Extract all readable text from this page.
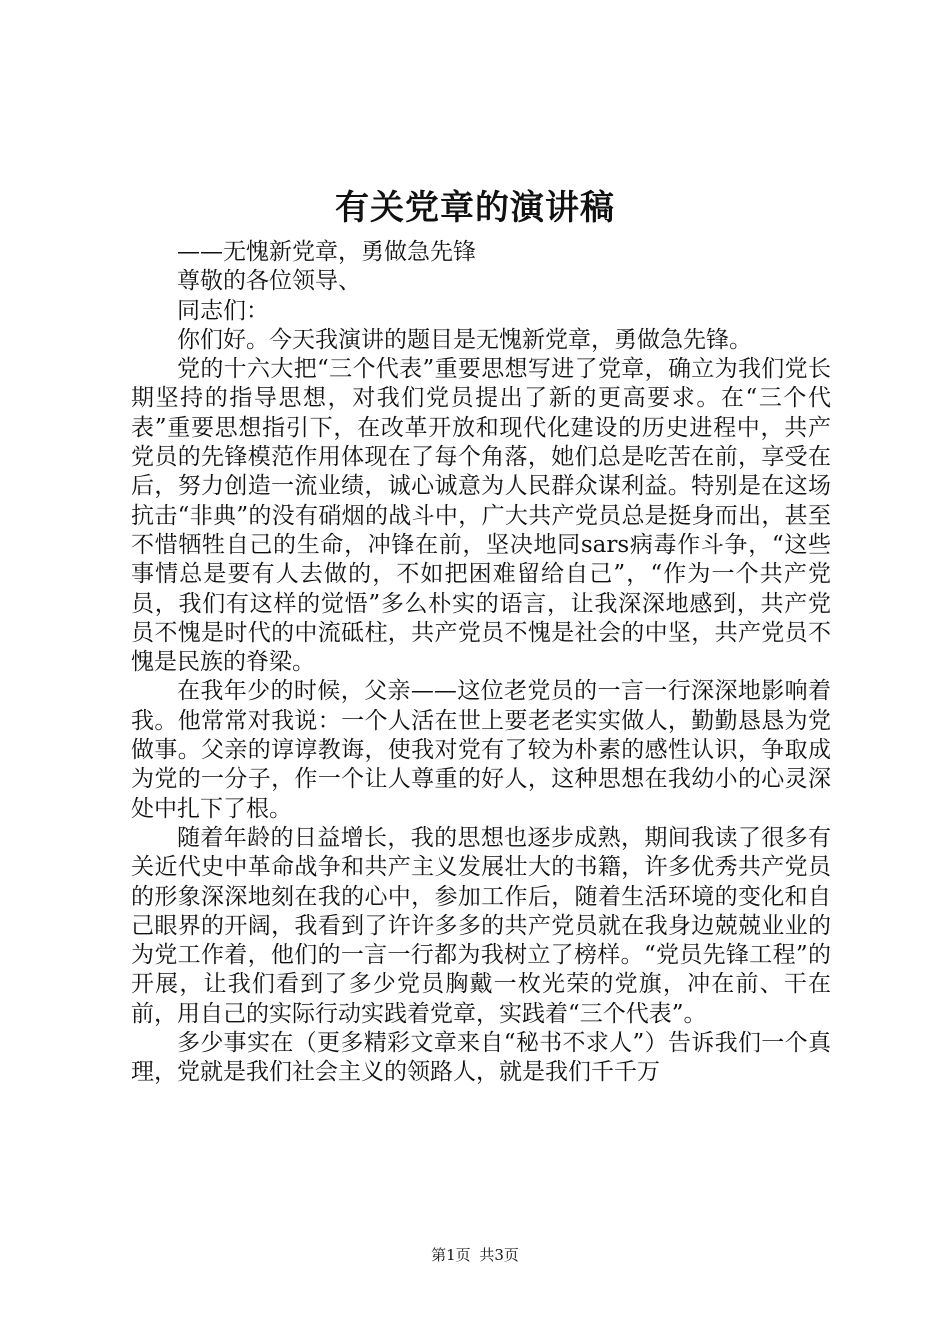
有关党章的演讲稿

——无愧新党章，勇做急先锋

尊敬的各位领导、

同志们：

你们好。今天我演讲的题目是无愧新党章，勇做急先锋。

党的十六大把“三个代表”重要思想写进了党章，确立为我们党长期坚持的指导思想，对我们党员提出了新的更高要求。在“三个代表”重要思想指引下，在改革开放和现代化建设的历史进程中，共产党员的先锋模范作用体现在了每个角落，她们总是吃苦在前，享受在后，努力创造一流业绩，诚心诚意为人民群众谋利益。特别是在这场抗击“非典”的没有硝烟的战斗中，广大共产党员总是挺身而出，甚至不惜牺牲自己的生命，冲锋在前，坚决地同sars病毒作斗争，“这些事情总是要有人去做的，不如把困难留给自己”，“作为一个共产党员，我们有这样的觉悟”多么朴实的语言，让我深深地感到，共产党员不愧是时代的中流砥柱，共产党员不愧是社会的中坚，共产党员不愧是民族的脊梁。

在我年少的时候，父亲——这位老党员的一言一行深深地影响着我。他常常对我说：一个人活在世上要老老实实做人，勤勤恳恳为党做事。父亲的谆谆教诲，使我对党有了较为朴素的感性认识，争取成为党的一分子，作一个让人尊重的好人，这种思想在我幼小的心灵深处中扎下了根。

随着年龄的日益增长，我的思想也逐步成熟，期间我读了很多有关近代史中革命战争和共产主义发展壮大的书籍，许多优秀共产党员的形象深深地刻在我的心中，参加工作后，随着生活环境的变化和自己眼界的开阔，我看到了许许多多的共产党员就在我身边兢兢业业的为党工作着，他们的一言一行都为我树立了榜样。“党员先锋工程”的开展，让我们看到了多少党员胸戴一枚光荣的党旗，冲在前、干在前，用自己的实际行动实践着党章，实践着“三个代表”。

多少事实在（更多精彩文章来自“秘书不求人”）告诉我们一个真理，党就是我们社会主义的领路人，就是我们千千万

第1页 共3页
